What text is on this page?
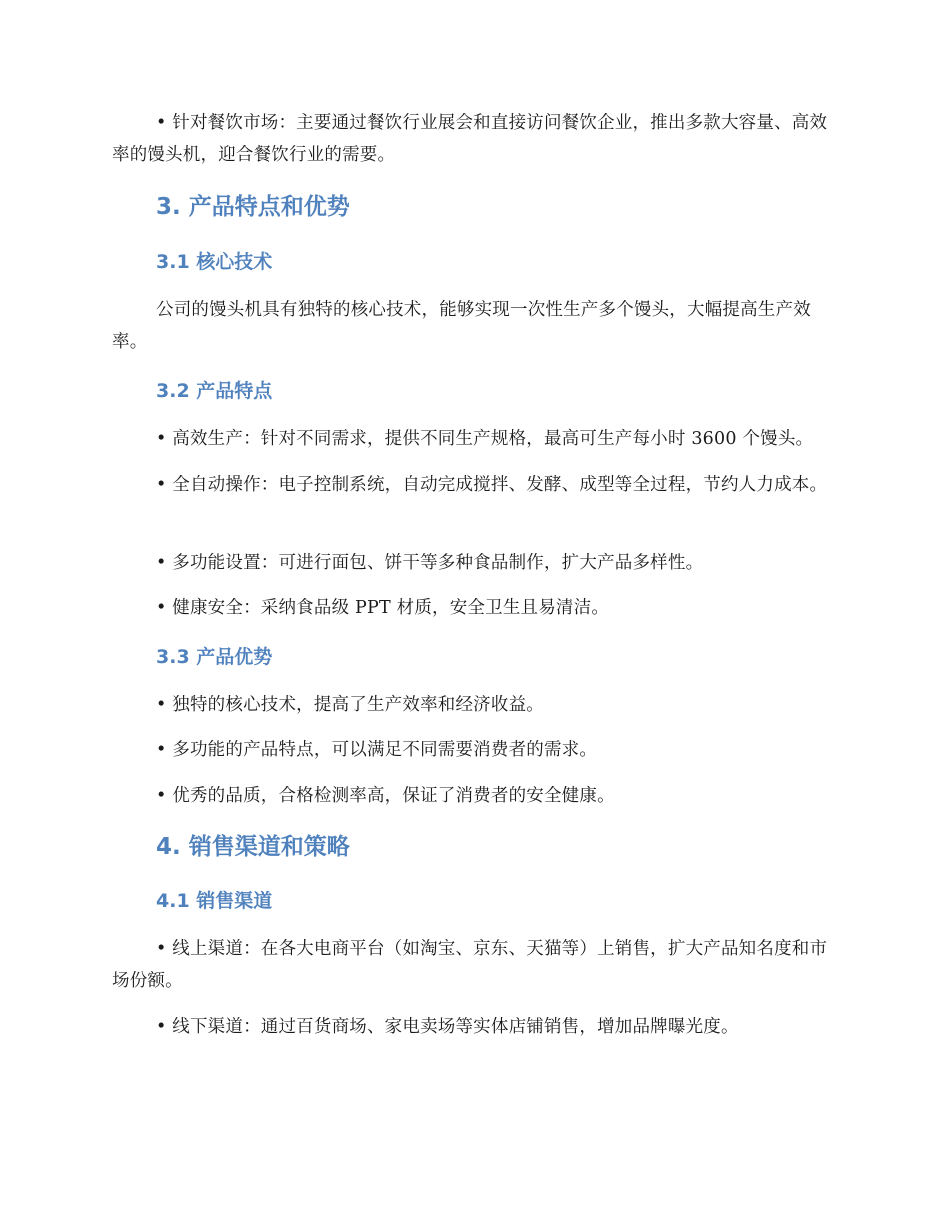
• 针对餐饮市场：主要通过餐饮行业展会和直接访问餐饮企业，推出多款大容量、高效率的馒头机，迎合餐饮行业的需要。

3. 产品特点和优势
3.1 核心技术

公司的馒头机具有独特的核心技术，能够实现一次性生产多个馒头，大幅提高生产效率。

3.2 产品特点

• 高效生产：针对不同需求，提供不同生产规格，最高可生产每小时 3600 个馒头。

• 全自动操作：电子控制系统，自动完成搅拌、发酵、成型等全过程，节约人力成本。

• 多功能设置：可进行面包、饼干等多种食品制作，扩大产品多样性。

• 健康安全：采纳食品级 PPT 材质，安全卫生且易清洁。

3.3 产品优势

• 独特的核心技术，提高了生产效率和经济收益。

• 多功能的产品特点，可以满足不同需要消费者的需求。

• 优秀的品质，合格检测率高，保证了消费者的安全健康。

4. 销售渠道和策略
4.1 销售渠道

• 线上渠道：在各大电商平台（如淘宝、京东、天猫等）上销售，扩大产品知名度和市场份额。

• 线下渠道：通过百货商场、家电卖场等实体店铺销售，增加品牌曝光度。
